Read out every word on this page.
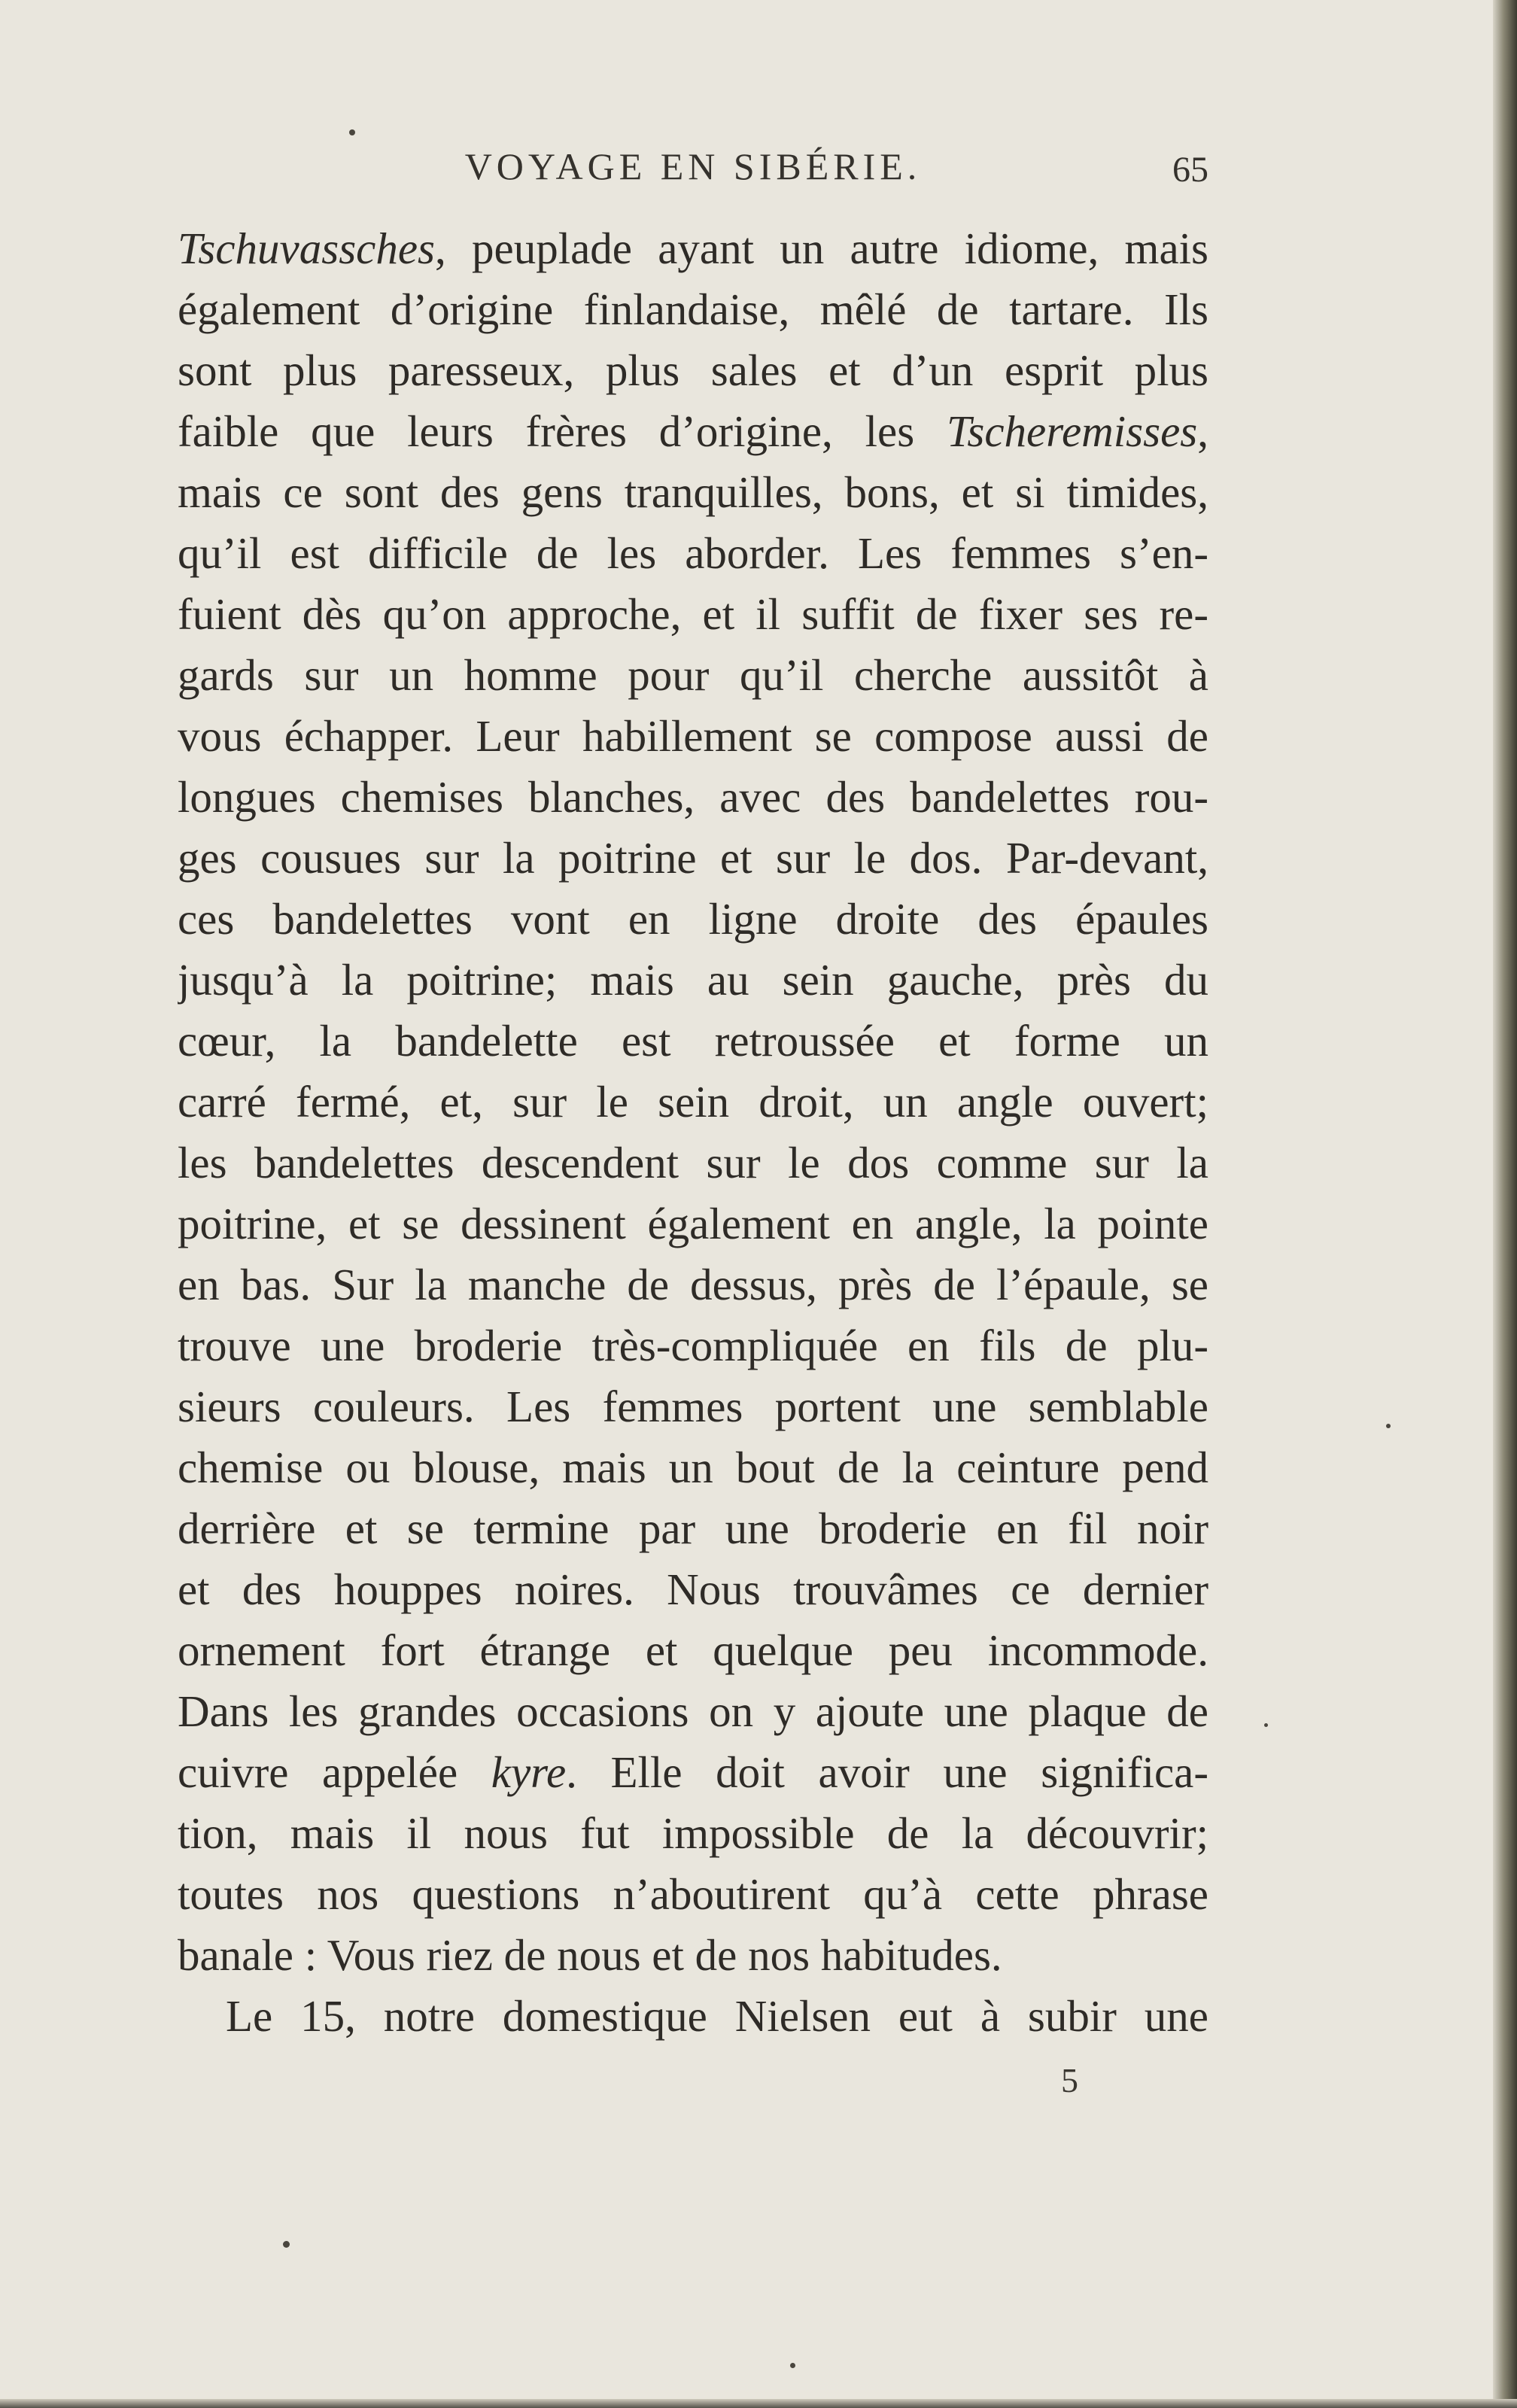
VOYAGE EN SIBÉRIE.	65
Tschuvassches, peuplade ayant un autre idiome, mais
également d’origine finlandaise, mêlé de tartare. Ils
sont plus paresseux, plus sales et d’un esprit plus
faible que leurs frères d’origine, les Tscheremisses,
mais ce sont des gens tranquilles, bons, et si timides,
qu’il est difficile de les aborder. Les femmes s’en-
fuient dès qu’on approche, et il suffit de fixer ses re-
gards sur un homme pour qu’il cherche aussitôt à
vous échapper. Leur habillement se compose aussi de
longues chemises blanches, avec des bandelettes rou-
ges cousues sur la poitrine et sur le dos. Par-devant,
ces bandelettes vont en ligne droite des épaules
jusqu’à la poitrine; mais au sein gauche, près du
cœur, la bandelette est retroussée et forme un
carré fermé, et, sur le sein droit, un angle ouvert;
les bandelettes descendent sur le dos comme sur la
poitrine, et se dessinent également en angle, la pointe
en bas. Sur la manche de dessus, près de l’épaule, se
trouve une broderie très-compliquée en fils de plu-
sieurs couleurs. Les femmes portent une semblable
chemise ou blouse, mais un bout de la ceinture pend
derrière et se termine par une broderie en fil noir
et des houppes noires. Nous trouvâmes ce dernier
ornement fort étrange et quelque peu incommode.
Dans les grandes occasions on y ajoute une plaque de
cuivre appelée kyre. Elle doit avoir une significa-
tion, mais il nous fut impossible de la découvrir;
toutes nos questions n’aboutirent qu’à cette phrase
banale : Vous riez de nous et de nos habitudes.
Le 15, notre domestique Nielsen eut à subir une
5
